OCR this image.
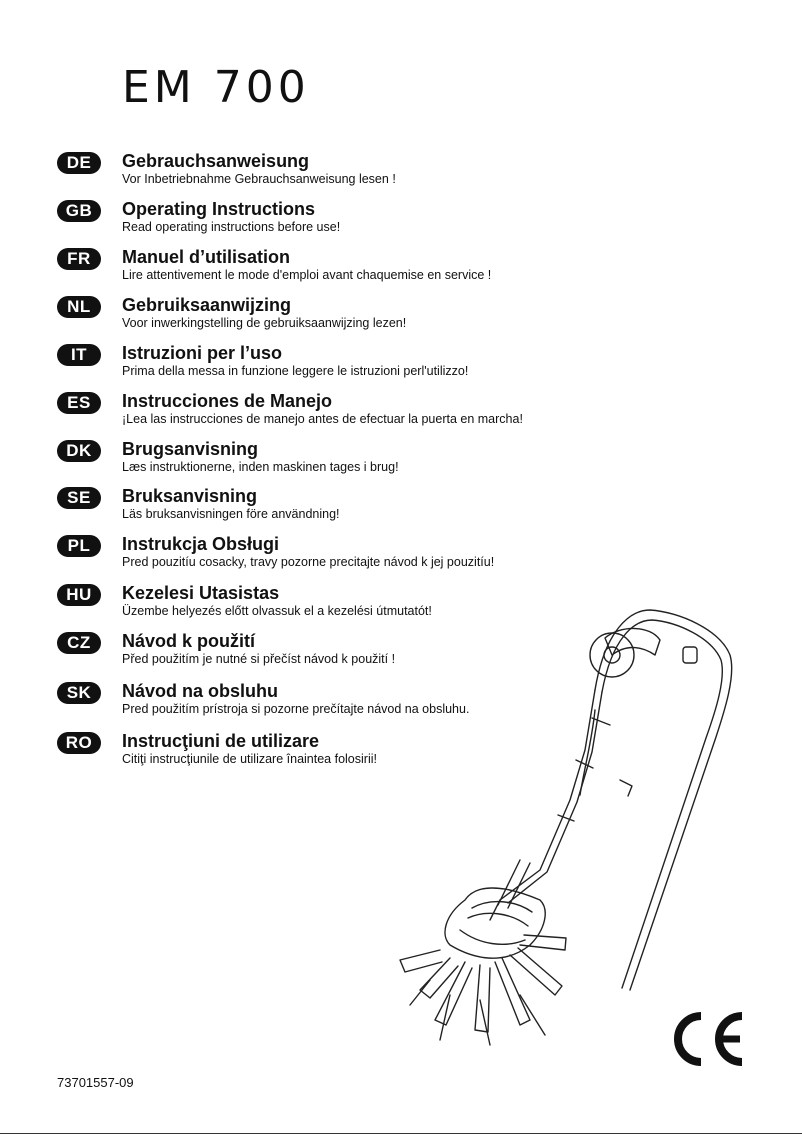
EM 700
DE	Gebrauchsanweisung
Vor Inbetriebnahme Gebrauchsanweisung lesen !
GB	Operating Instructions
Read operating instructions before use!
FR	Manuel d’utilisation
Lire attentivement le mode d'emploi avant chaquemise en service !
NL	Gebruiksaanwijzing
Voor inwerkingstelling de gebruiksaanwijzing lezen!
IT	Istruzioni per l’uso
Prima della messa in funzione leggere le istruzioni perl'utilizzo!
ES	Instrucciones de Manejo
¡Lea las instrucciones de manejo antes de efectuar la puerta en marcha!
DK	Brugsanvisning
Læs instruktionerne, inden maskinen tages i brug!
SE	Bruksanvisning
Läs bruksanvisningen före användning!
PL	Instrukcja Obsługi
Pred pouzitíu cosacky, travy pozorne precitajte návod k jej pouzitíu!
HU	Kezelesi Utasistas
Üzembe helyezés előtt olvassuk el a kezelési útmutatót!
CZ	Návod k použití
Před použitím je nutné si přečíst návod k použití !
SK	Návod na obsluhu
Pred použitím prístroja si pozorne prečítajte návod na obsluhu.
RO	Instrucţiuni de utilizare
Citiţi instrucţiunile de utilizare înaintea folosirii!
73701557-09
